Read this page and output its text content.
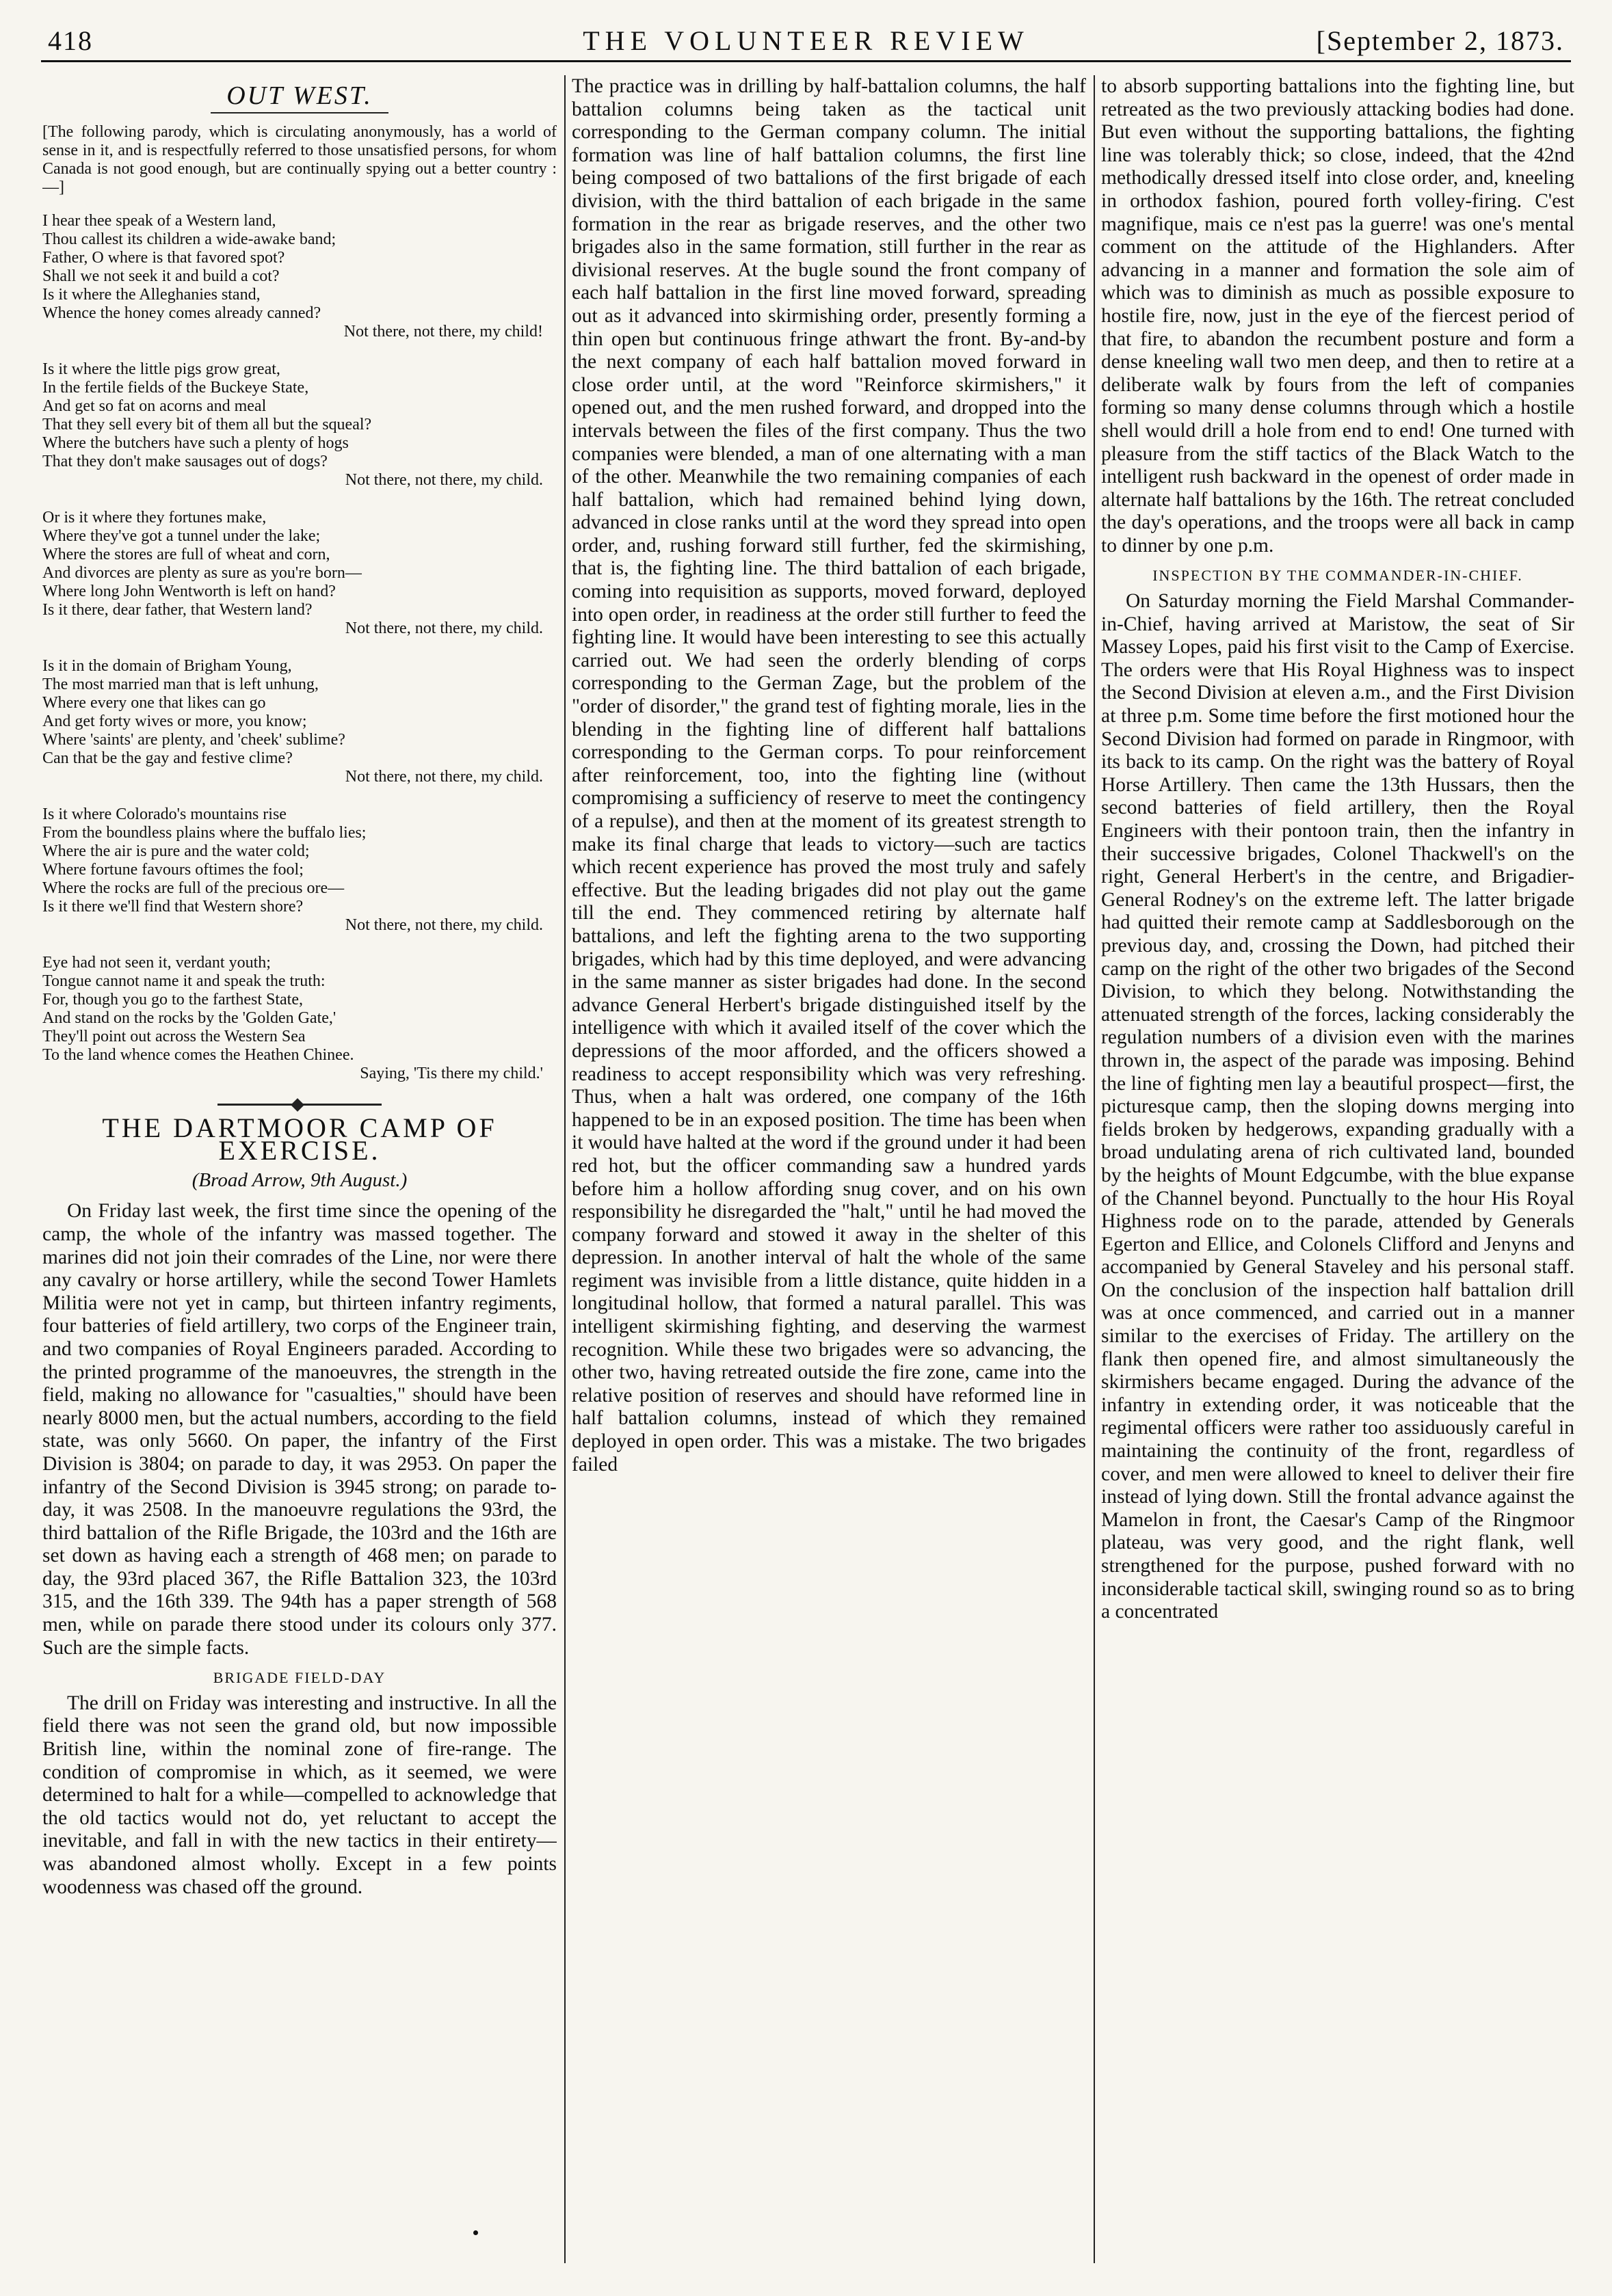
418	THE VOLUNTEER REVIEW	[September 2, 1873.
OUT WEST.

[The following parody, which is circulating anonymously, has a world of sense in it, and is respectfully referred to those unsatisfied persons, for whom Canada is not good enough, but are continually spying out a better country :—]

I hear thee speak of a Western land,
Thou callest its children a wide-awake band;
Father, O where is that favored spot?
Shall we not seek it and build a cot?
Is it where the Alleghanies stand,
Whence the honey comes already canned?
Not there, not there, my child!

Is it where the little pigs grow great,
In the fertile fields of the Buckeye State,
And get so fat on acorns and meal
That they sell every bit of them all but the squeal?
Where the butchers have such a plenty of hogs
That they don't make sausages out of dogs?
Not there, not there, my child.

Or is it where they fortunes make,
Where they've got a tunnel under the lake;
Where the stores are full of wheat and corn,
And divorces are plenty as sure as you're born—
Where long John Wentworth is left on hand?
Is it there, dear father, that Western land?
Not there, not there, my child.

Is it in the domain of Brigham Young,
The most married man that is left unhung,
Where every one that likes can go
And get forty wives or more, you know;
Where 'saints' are plenty, and 'cheek' sublime?
Can that be the gay and festive clime?
Not there, not there, my child.

Is it where Colorado's mountains rise
From the boundless plains where the buffalo lies;
Where the air is pure and the water cold;
Where fortune favours oftimes the fool;
Where the rocks are full of the precious ore—
Is it there we'll find that Western shore?
Not there, not there, my child.

Eye had not seen it, verdant youth;
Tongue cannot name it and speak the truth:
For, though you go to the farthest State,
And stand on the rocks by the 'Golden Gate,'
They'll point out across the Western Sea
To the land whence comes the Heathen Chinee.
Saying, 'Tis there my child.'

THE DARTMOOR CAMP OF EXERCISE.
(Broad Arrow, 9th August.)

On Friday last week, the first time since the opening of the camp, the whole of the infantry was massed together. The marines did not join their comrades of the Line, nor were there any cavalry or horse artillery, while the second Tower Hamlets Militia were not yet in camp, but thirteen infantry regiments, four batteries of field artillery, two corps of the Engineer train, and two companies of Royal Engineers paraded. According to the printed programme of the manoeuvres, the strength in the field, making no allowance for "casualties," should have been nearly 8000 men, but the actual numbers, according to the field state, was only 5660. On paper, the infantry of the First Division is 3804; on parade to day, it was 2953. On paper the infantry of the Second Division is 3945 strong; on parade to-day, it was 2508. In the manoeuvre regulations the 93rd, the third battalion of the Rifle Brigade, the 103rd and the 16th are set down as having each a strength of 468 men; on parade to day, the 93rd placed 367, the Rifle Battalion 323, the 103rd 315, and the 16th 339. The 94th has a paper strength of 568 men, while on parade there stood under its colours only 377. Such are the simple facts.

BRIGADE FIELD-DAY

The drill on Friday was interesting and instructive. In all the field there was not seen the grand old, but now impossible British line, within the nominal zone of fire-range. The condition of compromise in which, as it seemed, we were determined to halt for a while—compelled to acknowledge that the old tactics would not do, yet reluctant to accept the inevitable, and fall in with the new tactics in their entirety—was abandoned almost wholly. Except in a few points woodenness was chased off the ground.

The practice was in drilling by half-battalion columns, the half battalion columns being taken as the tactical unit corresponding to the German company column. The initial formation was line of half battalion columns, the first line being composed of two battalions of the first brigade of each division, with the third battalion of each brigade in the same formation in the rear as brigade reserves, and the other two brigades also in the same formation, still further in the rear as divisional reserves. At the bugle sound the front company of each half battalion in the first line moved forward, spreading out as it advanced into skirmishing order, presently forming a thin open but continuous fringe athwart the front. By-and-by the next company of each half battalion moved forward in close order until, at the word "Reinforce skirmishers," it opened out, and the men rushed forward, and dropped into the intervals between the files of the first company. Thus the two companies were blended, a man of one alternating with a man of the other. Meanwhile the two remaining companies of each half battalion, which had remained behind lying down, advanced in close ranks until at the word they spread into open order, and, rushing forward still further, fed the skirmishing, that is, the fighting line. The third battalion of each brigade, coming into requisition as supports, moved forward, deployed into open order, in readiness at the order still further to feed the fighting line. It would have been interesting to see this actually carried out. We had seen the orderly blending of corps corresponding to the German Zage, but the problem of the "order of disorder," the grand test of fighting morale, lies in the blending in the fighting line of different half battalions corresponding to the German corps. To pour reinforcement after reinforcement, too, into the fighting line (without compromising a sufficiency of reserve to meet the contingency of a repulse), and then at the moment of its greatest strength to make its final charge that leads to victory—such are tactics which recent experience has proved the most truly and safely effective. But the leading brigades did not play out the game till the end. They commenced retiring by alternate half battalions, and left the fighting arena to the two supporting brigades, which had by this time deployed, and were advancing in the same manner as sister brigades had done. In the second advance General Herbert's brigade distinguished itself by the intelligence with which it availed itself of the cover which the depressions of the moor afforded, and the officers showed a readiness to accept responsibility which was very refreshing. Thus, when a halt was ordered, one company of the 16th happened to be in an exposed position. The time has been when it would have halted at the word if the ground under it had been red hot, but the officer commanding saw a hundred yards before him a hollow affording snug cover, and on his own responsibility he disregarded the "halt," until he had moved the company forward and stowed it away in the shelter of this depression. In another interval of halt the whole of the same regiment was invisible from a little distance, quite hidden in a longitudinal hollow, that formed a natural parallel. This was intelligent skirmishing fighting, and deserving the warmest recognition. While these two brigades were so advancing, the other two, having retreated outside the fire zone, came into the relative position of reserves and should have reformed line in half battalion columns, instead of which they remained deployed in open order. This was a mistake. The two brigades failed

to absorb supporting battalions into the fighting line, but retreated as the two previously attacking bodies had done. But even without the supporting battalions, the fighting line was tolerably thick; so close, indeed, that the 42nd methodically dressed itself into close order, and, kneeling in orthodox fashion, poured forth volley-firing. C'est magnifique, mais ce n'est pas la guerre! was one's mental comment on the attitude of the Highlanders. After advancing in a manner and formation the sole aim of which was to diminish as much as possible exposure to hostile fire, now, just in the eye of the fiercest period of that fire, to abandon the recumbent posture and form a dense kneeling wall two men deep, and then to retire at a deliberate walk by fours from the left of companies forming so many dense columns through which a hostile shell would drill a hole from end to end! One turned with pleasure from the stiff tactics of the Black Watch to the intelligent rush backward in the openest of order made in alternate half battalions by the 16th. The retreat concluded the day's operations, and the troops were all back in camp to dinner by one p.m.

INSPECTION BY THE COMMANDER-IN-CHIEF.

On Saturday morning the Field Marshal Commander-in-Chief, having arrived at Maristow, the seat of Sir Massey Lopes, paid his first visit to the Camp of Exercise. The orders were that His Royal Highness was to inspect the Second Division at eleven a.m., and the First Division at three p.m. Some time before the first motioned hour the Second Division had formed on parade in Ringmoor, with its back to its camp. On the right was the battery of Royal Horse Artillery. Then came the 13th Hussars, then the second batteries of field artillery, then the Royal Engineers with their pontoon train, then the infantry in their successive brigades, Colonel Thackwell's on the right, General Herbert's in the centre, and Brigadier-General Rodney's on the extreme left. The latter brigade had quitted their remote camp at Saddlesborough on the previous day, and, crossing the Down, had pitched their camp on the right of the other two brigades of the Second Division, to which they belong. Notwithstanding the attenuated strength of the forces, lacking considerably the regulation numbers of a division even with the marines thrown in, the aspect of the parade was imposing. Behind the line of fighting men lay a beautiful prospect—first, the picturesque camp, then the sloping downs merging into fields broken by hedgerows, expanding gradually with a broad undulating arena of rich cultivated land, bounded by the heights of Mount Edgcumbe, with the blue expanse of the Channel beyond. Punctually to the hour His Royal Highness rode on to the parade, attended by Generals Egerton and Ellice, and Colonels Clifford and Jenyns and accompanied by General Staveley and his personal staff. On the conclusion of the inspection half battalion drill was at once commenced, and carried out in a manner similar to the exercises of Friday. The artillery on the flank then opened fire, and almost simultaneously the skirmishers became engaged. During the advance of the infantry in extending order, it was noticeable that the regimental officers were rather too assiduously careful in maintaining the continuity of the front, regardless of cover, and men were allowed to kneel to deliver their fire instead of lying down. Still the frontal advance against the Mamelon in front, the Caesar's Camp of the Ringmoor plateau, was very good, and the right flank, well strengthened for the purpose, pushed forward with no inconsiderable tactical skill, swinging round so as to bring a concentrated
